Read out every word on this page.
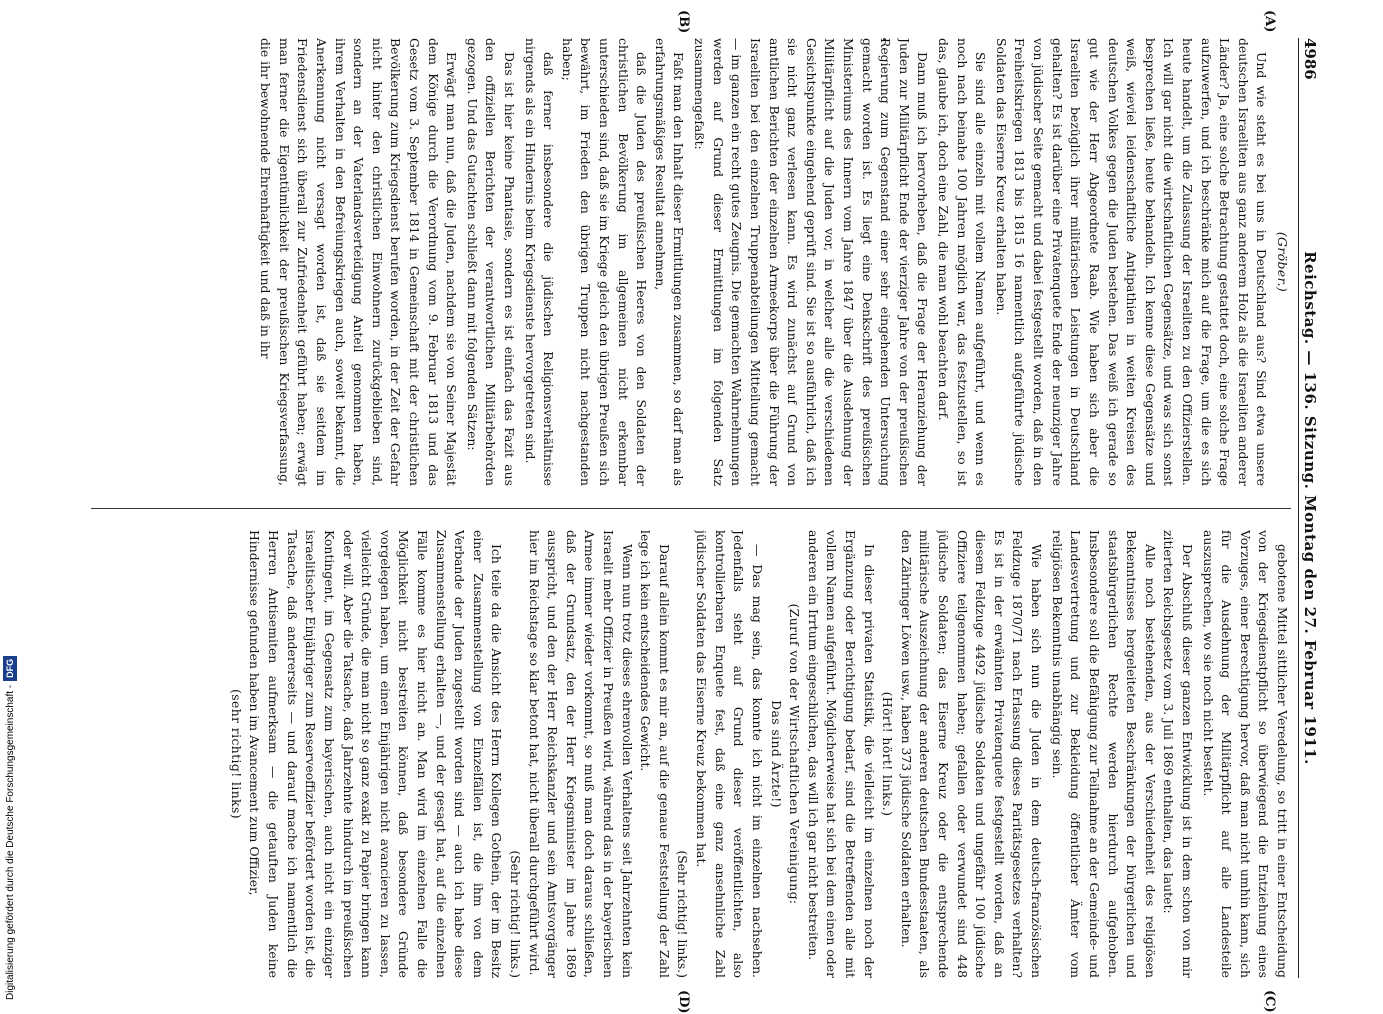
4986
Reichstag. — 136. Sitzung. Montag den 27. Februar 1911.
(A)
(B)
(C)
(D)

(Gröber.)

Und wie steht es bei uns in Deutschland aus? Sind etwa unsere deutschen Israeliten aus ganz anderem Holz als die Israeliten anderer Länder? Ja, eine solche Betrachtung gestattet doch, eine solche Frage aufzuwerfen, und ich beschränke mich auf die Frage, um die es sich heute handelt, um die Zulassung der Israeliten zu den Offizierstellen. Ich will gar nicht die wirtschaftlichen Gegensätze, und was sich sonst besprechen ließe, heute behandeln. Ich kenne diese Gegensätze und weiß, wieviel leidenschaftliche Antipathien in weiten Kreisen des deutschen Volkes gegen die Juden bestehen. Das weiß ich gerade so gut wie der Herr Abgeordnete Raab. Wie haben sich aber die Israeliten bezüglich ihrer militärischen Leistungen in Deutschland gehalten? Es ist darüber eine Privatenquete Ende der neunziger Jahre von jüdischer Seite gemacht und dabei festgestellt worden, daß in den Freiheitskriegen 1813 bis 1815 16 namentlich aufgeführte jüdische Soldaten das Eiserne Kreuz erhalten haben.

Sie sind alle einzeln mit vollem Namen aufgeführt, und wenn es noch nach beinahe 100 Jahren möglich war, das festzustellen, so ist das, glaube ich, doch eine Zahl, die man wohl beachten darf.

Dann muß ich hervorheben, daß die Frage der Heranziehung der Juden zur Militärpflicht Ende der vierziger Jahre von der preußischen Regierung zum Gegenstand einer sehr eingehenden Untersuchung gemacht worden ist. Es liegt eine Denkschrift des preußischen Ministeriums des Innern vom Jahre 1847 über die Ausdehnung der Militärpflicht auf die Juden vor, in welcher alle die verschiedenen Gesichtspunkte eingehend geprüft sind. Sie ist so ausführlich, daß ich sie nicht ganz verlesen kann. Es wird zunächst auf Grund von amtlichen Berichten der einzelnen Armeekorps über die Führung der Israeliten bei den einzelnen Truppenabteilungen Mitteilung gemacht — im ganzen ein recht gutes Zeugnis. Die gemachten Wahrnehmungen werden auf Grund dieser Ermittlungen im folgenden Satz zusammengefaßt:

Faßt man den Inhalt dieser Ermittlungen zusammen, so darf man als erfahrungsmäßiges Resultat annehmen,

daß die Juden des preußischen Heeres von den Soldaten der christlichen Bevölkerung im allgemeinen nicht erkennbar unterschieden sind, daß sie im Kriege gleich den übrigen Preußen sich bewährt, im Frieden den übrigen Truppen nicht nachgestanden haben;

daß ferner insbesondere die jüdischen Religionsverhältnisse nirgends als ein Hindernis beim Kriegsdienste hervorgetreten sind.

Das ist hier keine Phantasie, sondern es ist einfach das Fazit aus den offiziellen Berichten der verantwortlichen Militärbehörden gezogen. Und das Gutachten schließt dann mit folgenden Sätzen:

Erwägt man nun, daß die Juden, nachdem sie von Seiner Majestät dem Könige durch die Verordnung vom 9. Februar 1813 und das Gesetz vom 3. September 1814 in Gemeinschaft mit der christlichen Bevölkerung zum Kriegsdienst berufen worden, in der Zeit der Gefahr nicht hinter den christlichen Einwohnern zurückgeblieben sind, sondern an der Vaterlandsverteidigung Anteil genommen haben, ihrem Verhalten in den Befreiungskriegen auch, soweit bekannt, die Anerkennung nicht versagt worden ist, daß sie seitdem im Friedensdienst sich überall zur Zufriedenheit geführt haben; erwägt man ferner die Eigentümlichkeit der preußischen Kriegsverfassung, die ihr bewohnende Ehrenhaftigkeit und daß in ihr

gebotene Mittel sittlicher Veredelung, so tritt in einer Entscheidung von der Kriegsdienstpflicht so überwiegend die Entziehung eines Vorzuges, einer Berechtigung hervor, daß man nicht umhin kann, sich für die Ausdehnung der Militärpflicht auf alle Landesteile auszusprechen, wo sie noch nicht besteht.

Der Abschluß dieser ganzen Entwicklung ist in dem schon von mir zitierten Reichsgesetz vom 3. Juli 1869 enthalten, das lautet:

Alle noch bestehenden, aus der Verschiedenheit des religiösen Bekenntnisses hergeleiteten Beschränkungen der bürgerlichen und staatsbürgerlichen Rechte werden hierdurch aufgehoben. Insbesondere soll die Befähigung zur Teilnahme an der Gemeinde- und Landesvertretung und zur Bekleidung öffentlicher Ämter vom religiösen Bekenntnis unabhängig sein.

Wie haben sich nun die Juden in dem deutsch-französischen Feldzuge 1870/71 nach Erlassung dieses Paritätsgesetzes verhalten? Es ist in der erwähnten Privatenquete festgestellt worden, daß an diesem Feldzuge 4492 jüdische Soldaten und ungefähr 100 jüdische Offiziere teilgenommen haben; gefallen oder verwundet sind 448 jüdische Soldaten; das Eiserne Kreuz oder die entsprechende militärische Auszeichnung der anderen deutschen Bundesstaaten, als den Zähringer Löwen usw., haben 373 jüdische Soldaten erhalten.

(Hört! hört! links.)

In dieser privaten Statistik, die vielleicht im einzelnen noch der Ergänzung oder Berichtigung bedarf, sind die Betreffenden alle mit vollem Namen aufgeführt. Möglicherweise hat sich bei dem einen oder anderen ein Irrtum eingeschlichen, das will ich gar nicht bestreiten.

(Zuruf von der Wirtschaftlichen Vereinigung:

Das sind Ärzte!)

— Das mag sein, das konnte ich nicht im einzelnen nachsehen. Jedenfalls steht auf Grund dieser veröffentlichten, also kontrollierbaren Enquete fest, daß eine ganz ansehnliche Zahl jüdischer Soldaten das Eiserne Kreuz bekommen hat.

(Sehr richtig! links.)

Darauf allein kommt es mir an, auf die genaue Feststellung der Zahl lege ich kein entscheidendes Gewicht.

Wenn nun trotz dieses ehrenvollen Verhaltens seit Jahrzehnten kein Israelit mehr Offizier in Preußen wird, während das in der bayerischen Armee immer wieder vorkommt, so muß man doch daraus schließen, daß der Grundsatz, den der Herr Kriegsminister im Jahre 1869 ausspricht, und den der Herr Reichskanzler und sein Amtsvorgänger hier im Reichstage so klar betont hat, nicht überall durchgeführt wird.

(Sehr richtig! links.)

Ich teile da die Ansicht des Herrn Kollegen Gothein, der im Besitz einer Zusammenstellung von Einzelfällen ist, die ihm von dem Verbande der Juden zugestellt worden sind — auch ich habe diese Zusammenstellung erhalten —, und der gesagt hat, auf die einzelnen Fälle komme es hier nicht an. Man wird im einzelnen Falle die Möglichkeit nicht bestreiten können, daß besondere Gründe vorgelegen haben, um einen Einjährigen nicht avancieren zu lassen, vielleicht Gründe, die man nicht so ganz exakt zu Papier bringen kann oder will. Aber die Tatsache, daß Jahrzehnte hindurch im preußischen Kontingent, im Gegensatz zum bayerischen, auch nicht ein einziger israelitischer Einjähriger zum Reserveoffizier befördert worden ist, die Tatsache, daß andererseits — und darauf mache ich namentlich die Herren Antisemiten aufmerksam — die getauften Juden keine Hindernisse gefunden haben im Avancement zum Offizier,

(sehr richtig! links)

Digitalisierung gefördert durch die Deutsche Forschungsgemeinschaft -DFG
